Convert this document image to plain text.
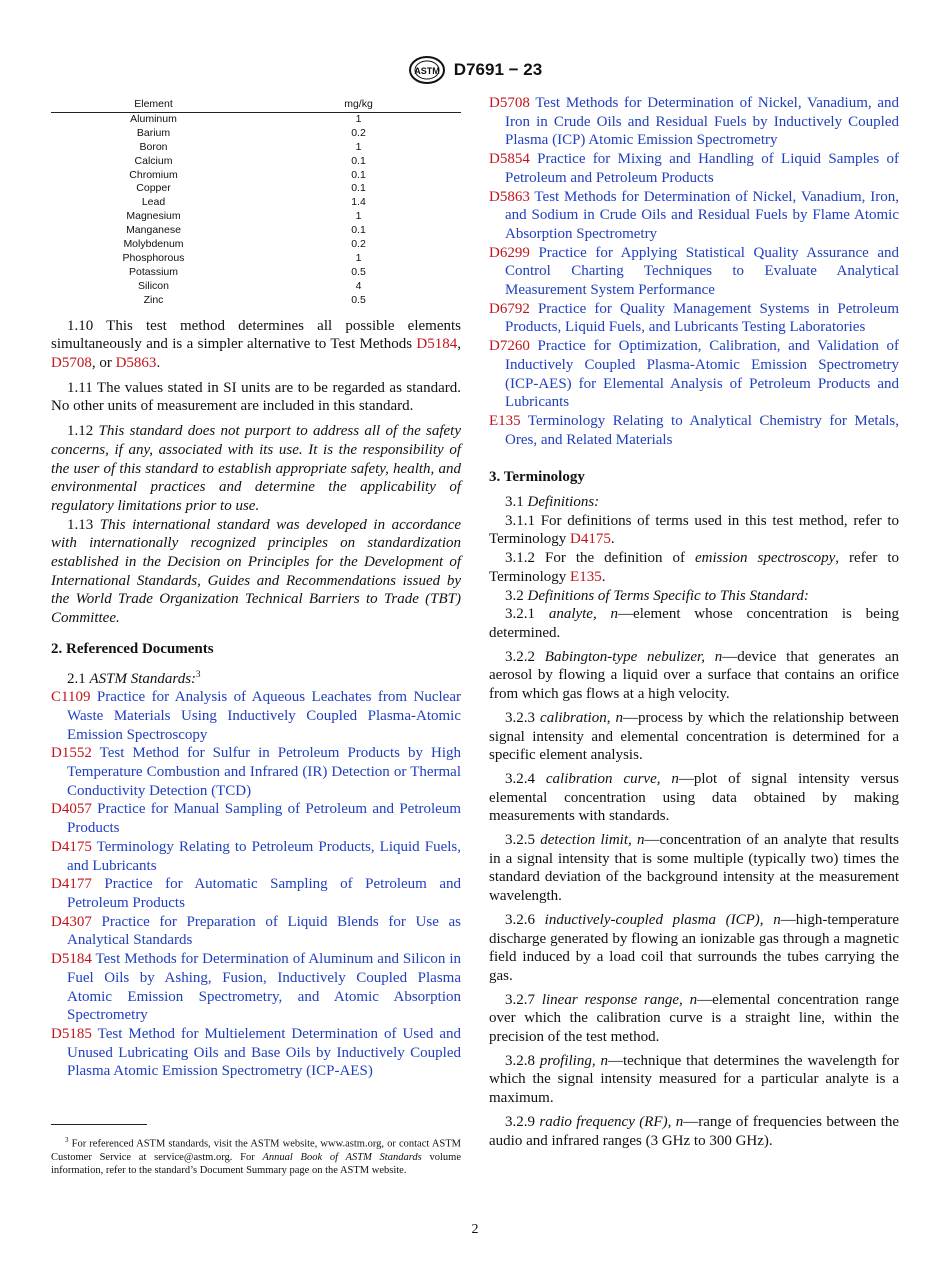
ASTM D7691 − 23
Element	mg/kg
Aluminum	1
Barium	0.2
Boron	1
Calcium	0.1
Chromium	0.1
Copper	0.1
Lead	1.4
Magnesium	1
Manganese	0.1
Molybdenum	0.2
Phosphorous	1
Potassium	0.5
Silicon	4
Zinc	0.5

1.10 This test method determines all possible elements simultaneously and is a simpler alternative to Test Methods D5184, D5708, or D5863.

1.11 The values stated in SI units are to be regarded as standard. No other units of measurement are included in this standard.

1.12 This standard does not purport to address all of the safety concerns, if any, associated with its use. It is the responsibility of the user of this standard to establish appropriate safety, health, and environmental practices and determine the applicability of regulatory limitations prior to use.

1.13 This international standard was developed in accordance with internationally recognized principles on standardization established in the Decision on Principles for the Development of International Standards, Guides and Recommendations issued by the World Trade Organization Technical Barriers to Trade (TBT) Committee.

2. Referenced Documents

2.1 ASTM Standards:$^3$

C1109 Practice for Analysis of Aqueous Leachates from Nuclear Waste Materials Using Inductively Coupled Plasma-Atomic Emission Spectroscopy

D1552 Test Method for Sulfur in Petroleum Products by High Temperature Combustion and Infrared (IR) Detection or Thermal Conductivity Detection (TCD)

D4057 Practice for Manual Sampling of Petroleum and Petroleum Products

D4175 Terminology Relating to Petroleum Products, Liquid Fuels, and Lubricants

D4177 Practice for Automatic Sampling of Petroleum and Petroleum Products

D4307 Practice for Preparation of Liquid Blends for Use as Analytical Standards

D5184 Test Methods for Determination of Aluminum and Silicon in Fuel Oils by Ashing, Fusion, Inductively Coupled Plasma Atomic Emission Spectrometry, and Atomic Absorption Spectrometry

D5185 Test Method for Multielement Determination of Used and Unused Lubricating Oils and Base Oils by Inductively Coupled Plasma Atomic Emission Spectrometry (ICP-AES)

$^3$ For referenced ASTM standards, visit the ASTM website, www.astm.org, or contact ASTM Customer Service at service@astm.org. For Annual Book of ASTM Standards volume information, refer to the standard’s Document Summary page on the ASTM website.

D5708 Test Methods for Determination of Nickel, Vanadium, and Iron in Crude Oils and Residual Fuels by Inductively Coupled Plasma (ICP) Atomic Emission Spectrometry

D5854 Practice for Mixing and Handling of Liquid Samples of Petroleum and Petroleum Products

D5863 Test Methods for Determination of Nickel, Vanadium, Iron, and Sodium in Crude Oils and Residual Fuels by Flame Atomic Absorption Spectrometry

D6299 Practice for Applying Statistical Quality Assurance and Control Charting Techniques to Evaluate Analytical Measurement System Performance

D6792 Practice for Quality Management Systems in Petroleum Products, Liquid Fuels, and Lubricants Testing Laboratories

D7260 Practice for Optimization, Calibration, and Validation of Inductively Coupled Plasma-Atomic Emission Spectrometry (ICP-AES) for Elemental Analysis of Petroleum Products and Lubricants

E135 Terminology Relating to Analytical Chemistry for Metals, Ores, and Related Materials

3. Terminology

3.1 Definitions:

3.1.1 For definitions of terms used in this test method, refer to Terminology D4175.

3.1.2 For the definition of emission spectroscopy, refer to Terminology E135.

3.2 Definitions of Terms Specific to This Standard:

3.2.1 analyte, n—element whose concentration is being determined.

3.2.2 Babington-type nebulizer, n—device that generates an aerosol by flowing a liquid over a surface that contains an orifice from which gas flows at a high velocity.

3.2.3 calibration, n—process by which the relationship between signal intensity and elemental concentration is determined for a specific element analysis.

3.2.4 calibration curve, n—plot of signal intensity versus elemental concentration using data obtained by making measurements with standards.

3.2.5 detection limit, n—concentration of an analyte that results in a signal intensity that is some multiple (typically two) times the standard deviation of the background intensity at the measurement wavelength.

3.2.6 inductively-coupled plasma (ICP), n—high-temperature discharge generated by flowing an ionizable gas through a magnetic field induced by a load coil that surrounds the tubes carrying the gas.

3.2.7 linear response range, n—elemental concentration range over which the calibration curve is a straight line, within the precision of the test method.

3.2.8 profiling, n—technique that determines the wavelength for which the signal intensity measured for a particular analyte is a maximum.

3.2.9 radio frequency (RF), n—range of frequencies between the audio and infrared ranges (3 GHz to 300 GHz).

2
